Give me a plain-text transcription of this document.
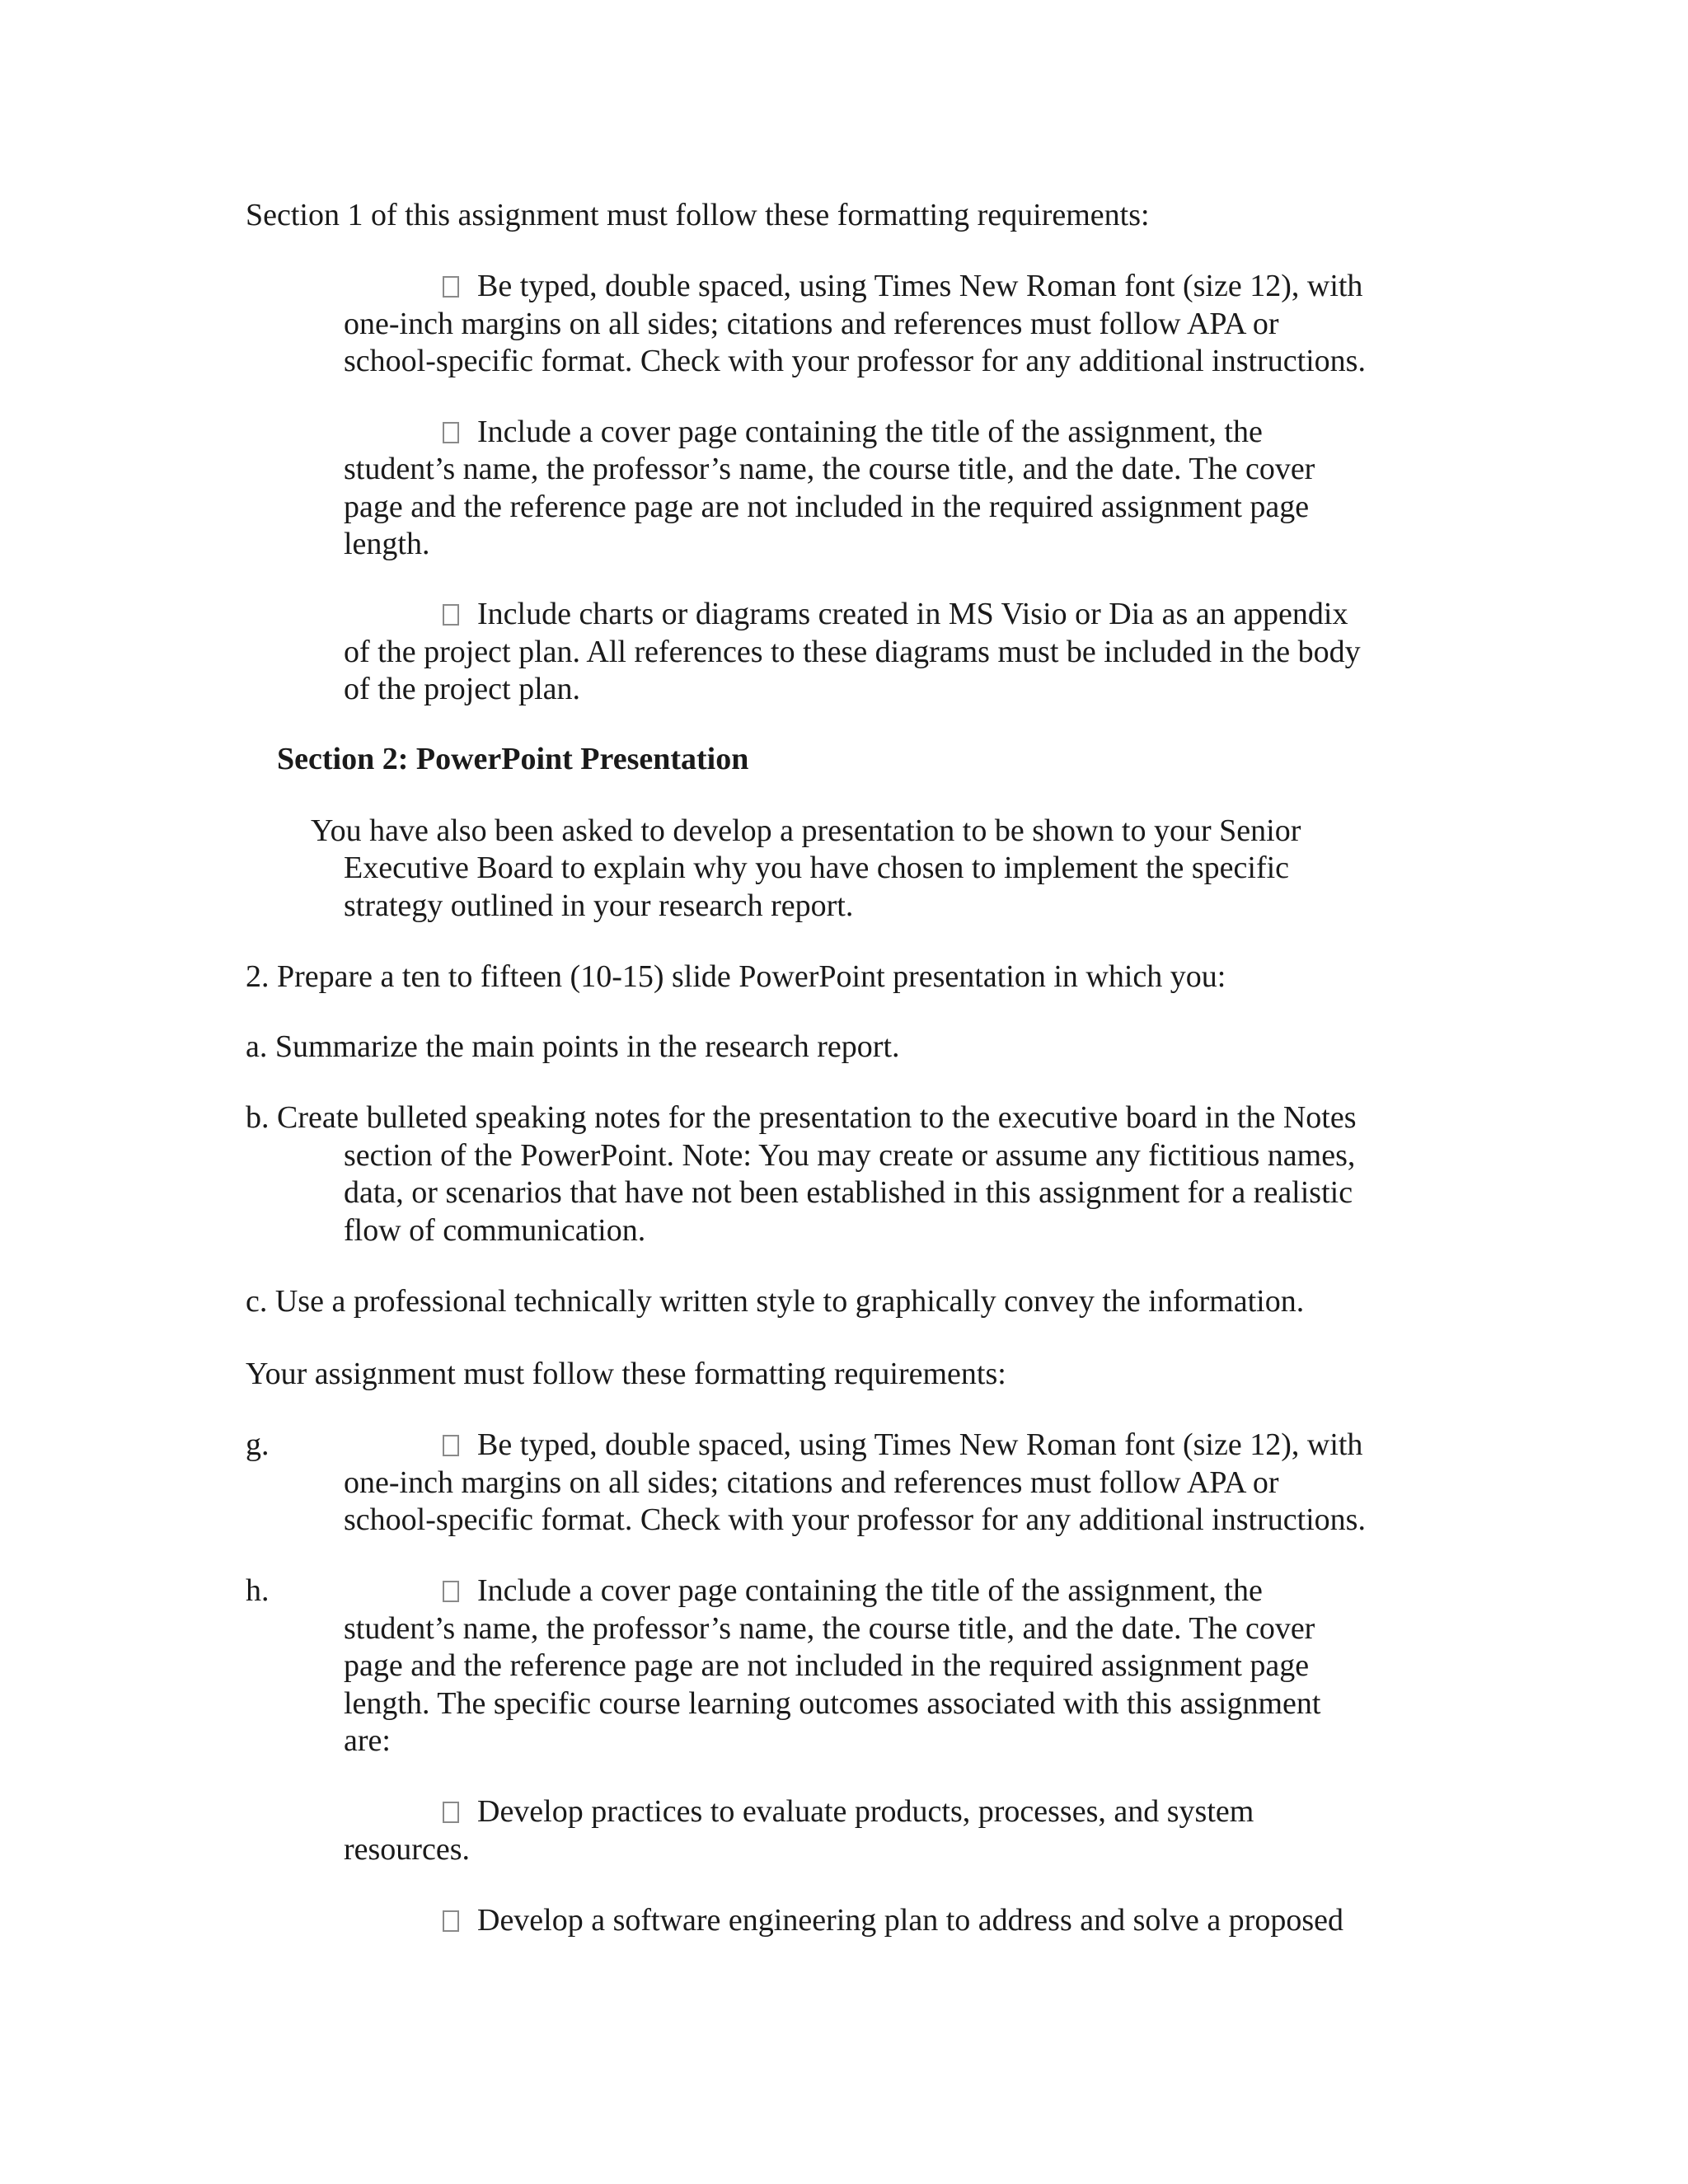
Section 1 of this assignment must follow these formatting requirements:

Be typed, double spaced, using Times New Roman font (size 12), with

one-inch margins on all sides; citations and references must follow APA or

school-specific format. Check with your professor for any additional instructions.

Include a cover page containing the title of the assignment, the

student’s name, the professor’s name, the course title, and the date. The cover

page and the reference page are not included in the required assignment page

length.

Include charts or diagrams created in MS Visio or Dia as an appendix

of the project plan. All references to these diagrams must be included in the body

of the project plan.

Section 2: PowerPoint Presentation

You have also been asked to develop a presentation to be shown to your Senior

Executive Board to explain why you have chosen to implement the specific

strategy outlined in your research report.

2. Prepare a ten to fifteen (10-15) slide PowerPoint presentation in which you:

a. Summarize the main points in the research report.

b. Create bulleted speaking notes for the presentation to the executive board in the Notes

section of the PowerPoint. Note: You may create or assume any fictitious names,

data, or scenarios that have not been established in this assignment for a realistic

flow of communication.

c. Use a professional technically written style to graphically convey the information.

Your assignment must follow these formatting requirements:

g.	Be typed, double spaced, using Times New Roman font (size 12), with

one-inch margins on all sides; citations and references must follow APA or

school-specific format. Check with your professor for any additional instructions.

h.	Include a cover page containing the title of the assignment, the

student’s name, the professor’s name, the course title, and the date. The cover

page and the reference page are not included in the required assignment page

length. The specific course learning outcomes associated with this assignment

are:

Develop practices to evaluate products, processes, and system

resources.

Develop a software engineering plan to address and solve a proposed
